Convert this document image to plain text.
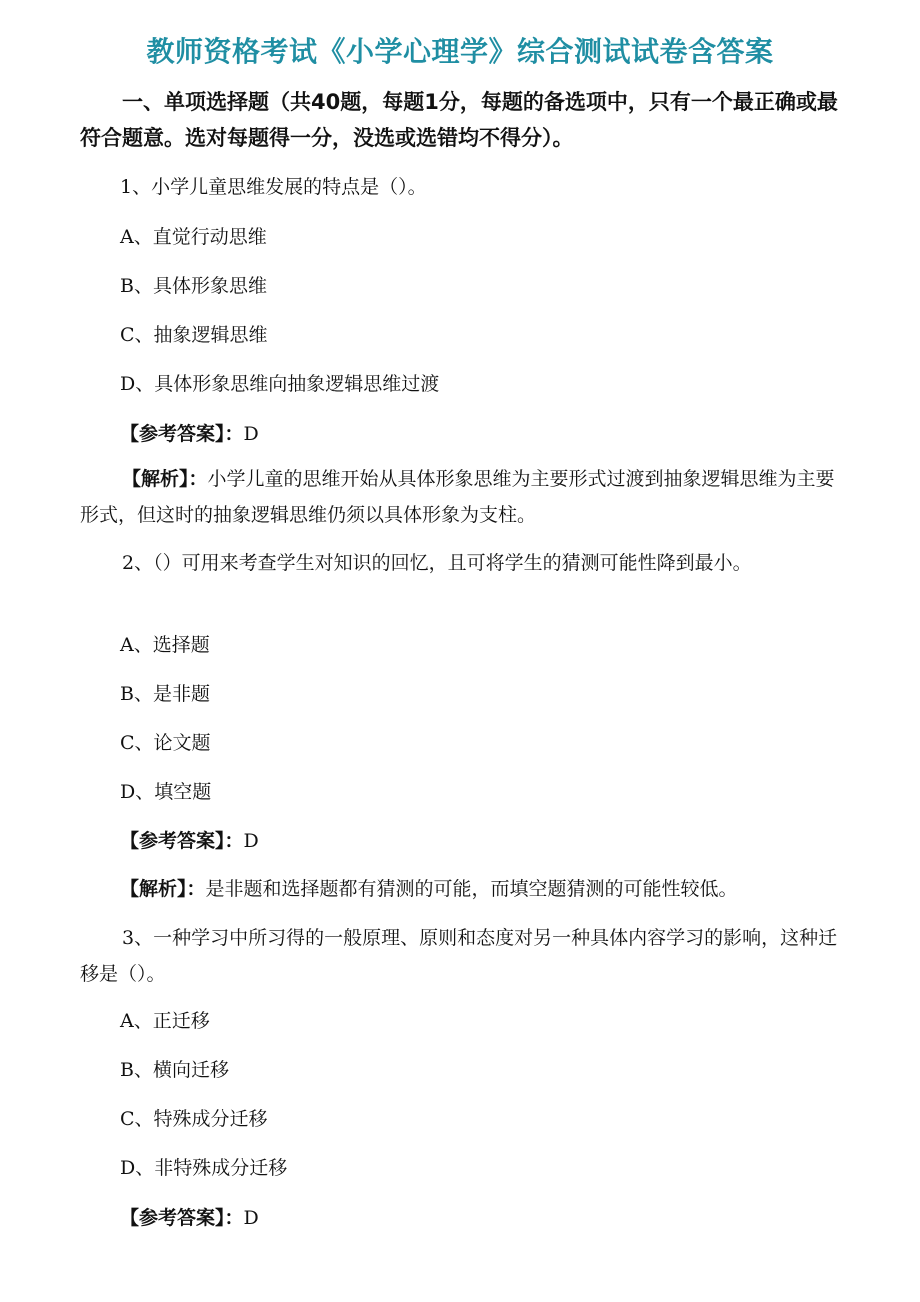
教师资格考试《小学心理学》综合测试试卷含答案
一、单项选择题（共40题，每题1分，每题的备选项中，只有一个最正确或最符合题意。选对每题得一分，没选或选错均不得分）。
1、小学儿童思维发展的特点是（）。
A、直觉行动思维
B、具体形象思维
C、抽象逻辑思维
D、具体形象思维向抽象逻辑思维过渡
【参考答案】：D
【解析】：小学儿童的思维开始从具体形象思维为主要形式过渡到抽象逻辑思维为主要形式，但这时的抽象逻辑思维仍须以具体形象为支柱。
2、（）可用来考查学生对知识的回忆，且可将学生的猜测可能性降到最小。
A、选择题
B、是非题
C、论文题
D、填空题
【参考答案】：D
【解析】：是非题和选择题都有猜测的可能，而填空题猜测的可能性较低。
3、一种学习中所习得的一般原理、原则和态度对另一种具体内容学习的影响，这种迁移是（）。
A、正迁移
B、横向迁移
C、特殊成分迁移
D、非特殊成分迁移
【参考答案】：D
